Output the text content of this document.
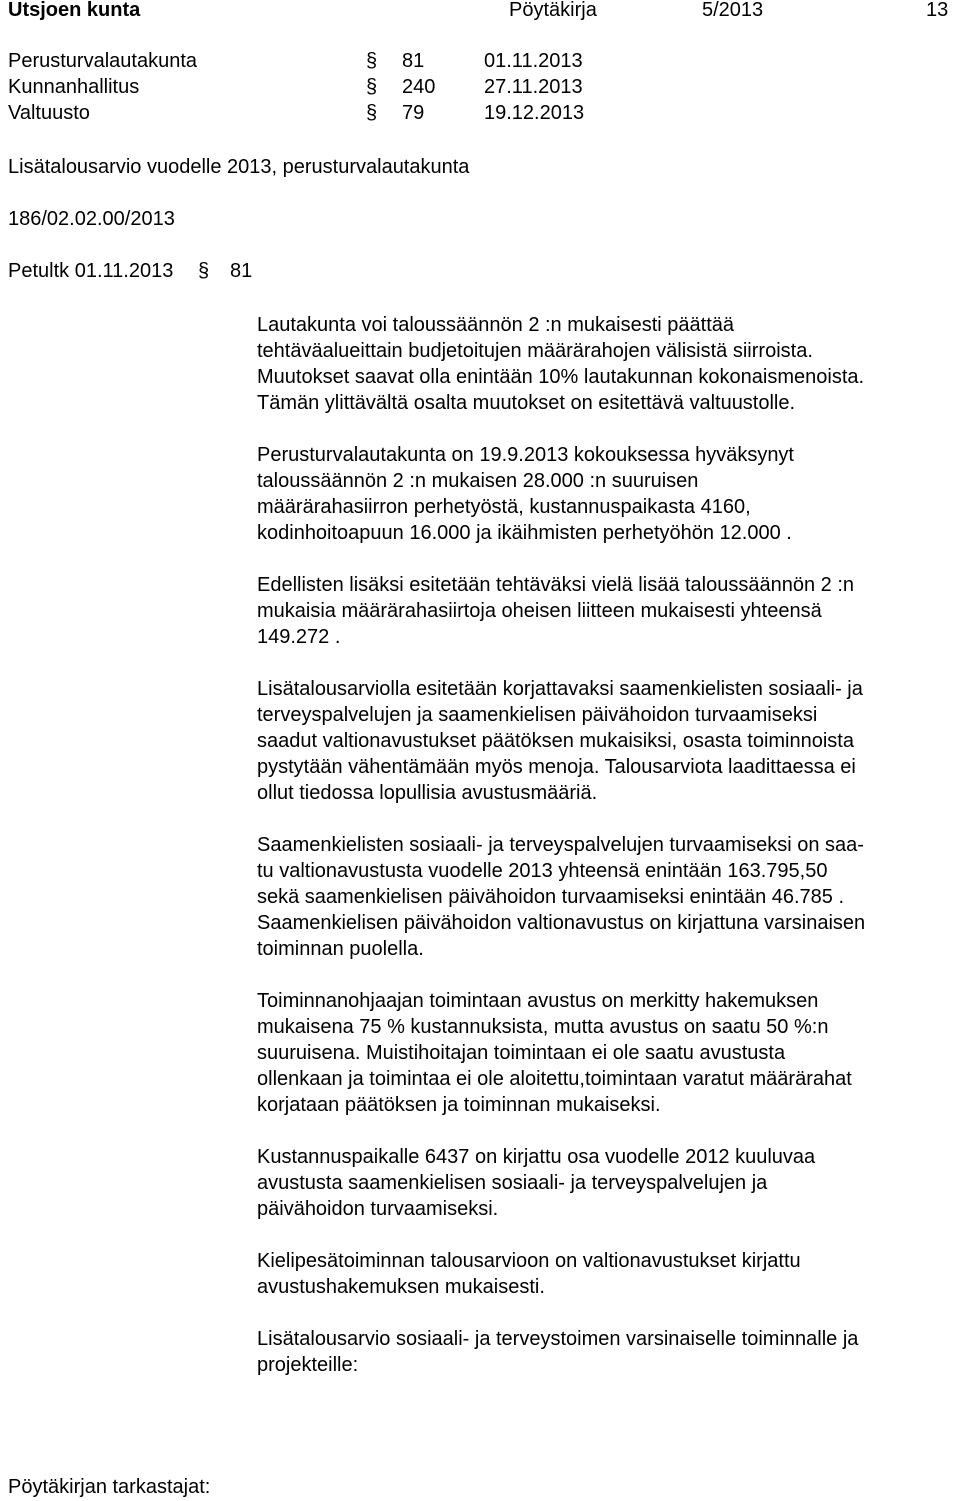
Utsjoen kunta	Pöytäkirja	5/2013	13
Perusturvalautakunta	§ 81	01.11.2013
Kunnanhallitus	§ 240 27.11.2013
Valtuusto	§ 79	19.12.2013
Lisätalousarvio vuodelle 2013, perusturvalautakunta
186/02.02.00/2013
Petultk 01.11.2013 § 81

Lautakunta voi taloussäännön 2 :n mukaisesti päättää
tehtäväalueittain budjetoitujen määrärahojen välisistä siirroista.
Muutokset saavat olla enintään 10% lautakunnan kokonaismenoista.
Tämän ylittävältä osalta muutokset on esitettävä valtuustolle.

Perusturvalautakunta on 19.9.2013 kokouksessa hyväksynyt
taloussäännön 2 :n mukaisen 28.000 :n suuruisen
määrärahasiirron perhetyöstä, kustannuspaikasta 4160,
kodinhoitoapuun 16.000 ja ikäihmisten perhetyöhön 12.000 .

Edellisten lisäksi esitetään tehtäväksi vielä lisää taloussäännön 2 :n
mukaisia määrärahasiirtoja oheisen liitteen mukaisesti yhteensä
149.272 .

Lisätalousarviolla esitetään korjattavaksi saamenkielisten sosiaali- ja
terveyspalvelujen ja saamenkielisen päivähoidon turvaamiseksi
saadut valtionavustukset päätöksen mukaisiksi, osasta toiminnoista
pystytään vähentämään myös menoja. Talousarviota laadittaessa ei
ollut tiedossa lopullisia avustusmääriä.

Saamenkielisten sosiaali- ja terveyspalvelujen turvaamiseksi on saa-
tu valtionavustusta vuodelle 2013 yhteensä enintään 163.795,50
sekä saamenkielisen päivähoidon turvaamiseksi enintään 46.785 .
Saamenkielisen päivähoidon valtionavustus on kirjattuna varsinaisen
toiminnan puolella.

Toiminnanohjaajan toimintaan avustus on merkitty hakemuksen
mukaisena 75 % kustannuksista, mutta avustus on saatu 50 %:n
suuruisena. Muistihoitajan toimintaan ei ole saatu avustusta
ollenkaan ja toimintaa ei ole aloitettu,toimintaan varatut määrärahat
korjataan päätöksen ja toiminnan mukaiseksi.

Kustannuspaikalle 6437 on kirjattu osa vuodelle 2012 kuuluvaa
avustusta saamenkielisen sosiaali- ja terveyspalvelujen ja
päivähoidon turvaamiseksi.

Kielipesätoiminnan talousarvioon on valtionavustukset kirjattu
avustushakemuksen mukaisesti.

Lisätalousarvio sosiaali- ja terveystoimen varsinaiselle toiminnalle ja
projekteille:

Pöytäkirjan tarkastajat:
